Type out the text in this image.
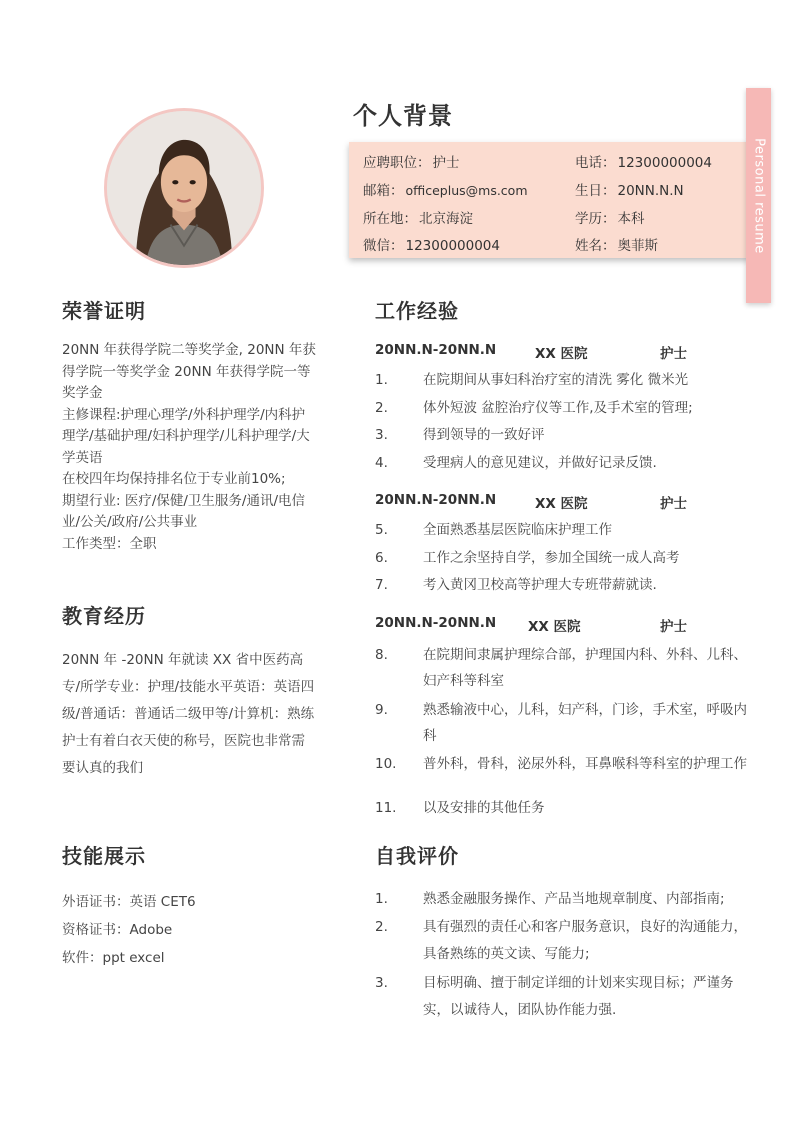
个人背景
应聘职位： 护士	电话： 12300000004
邮箱： officeplus@ms.com	生日： 20NN.N.N
所在地： 北京海淀	学历： 本科
微信： 12300000004	姓名： 奥菲斯	Personal resume
荣誉证明

20NN 年获得学院二等奖学金, 20NN 年获得学院一等奖学金 20NN 年获得学院一等奖学金

主修课程:护理心理学/外科护理学/内科护理学/基础护理/妇科护理学/儿科护理学/大学英语

在校四年均保持排名位于专业前10%;

期望行业: 医疗/保健/卫生服务/通讯/电信业/公关/政府/公共事业

工作类型：全职

教育经历

20NN 年 -20NN 年就读 XX 省中医药高专/所学专业：护理/技能水平英语：英语四级/普通话：普通话二级甲等/计算机：熟练

护士有着白衣天使的称号，医院也非常需要认真的我们

技能展示

外语证书：英语 CET6

资格证书：Adobe

软件：ppt excel

工作经验
20NN.N-20NN.N	XX 医院	护士
1.	在院期间从事妇科治疗室的清洗 雾化 微米光
2.	体外短波 盆腔治疗仪等工作,及手术室的管理;
3.	得到领导的一致好评
4.	受理病人的意见建议，并做好记录反馈.
20NN.N-20NN.N	XX 医院	护士
5.	全面熟悉基层医院临床护理工作
6.	工作之余坚持自学，参加全国统一成人高考
7.	考入黄冈卫校高等护理大专班带薪就读.
20NN.N-20NN.N XX 医院	护士
8.	在院期间隶属护理综合部，护理国内科、外科、儿科、妇产科等科室
9.	熟悉输液中心，儿科，妇产科，门诊，手术室，呼吸内科
10. 普外科，骨科，泌尿外科，耳鼻喉科等科室的护理工作
11. 以及安排的其他任务
自我评价
1.	熟悉金融服务操作、产品当地规章制度、内部指南;
2.	具有强烈的责任心和客户服务意识，良好的沟通能力，具备熟练的英文读、写能力;
3.	目标明确、擅于制定详细的计划来实现目标；严谨务实，以诚待人，团队协作能力强.
